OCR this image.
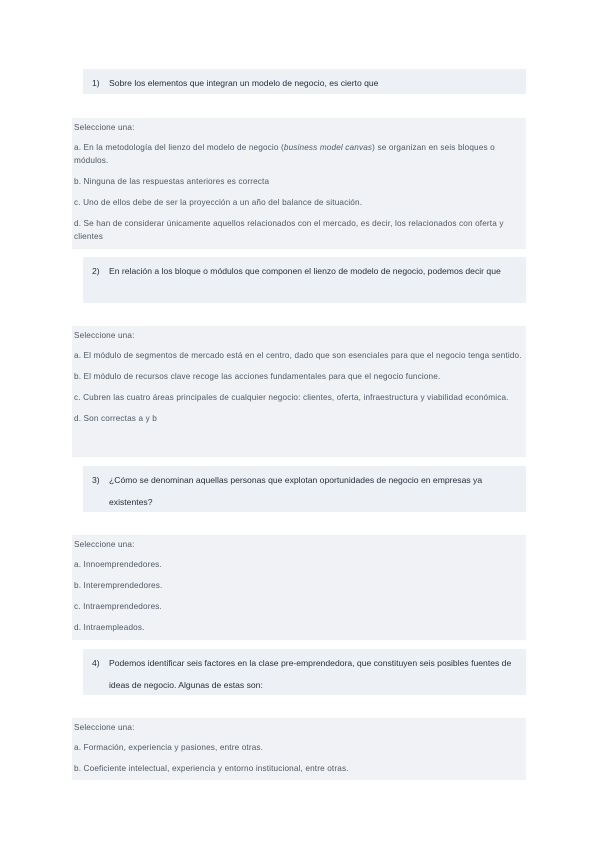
1)	Sobre los elementos que integran un modelo de negocio, es cierto que
Seleccione una:
a. En la metodología del lienzo del modelo de negocio (business model canvas) se organizan en seis bloques o módulos.
b. Ninguna de las respuestas anteriores es correcta
c. Uno de ellos debe de ser la proyección a un año del balance de situación.
d. Se han de considerar únicamente aquellos relacionados con el mercado, es decir, los relacionados con oferta y clientes
2)	En relación a los bloque o módulos que componen el lienzo de modelo de negocio, podemos decir que
Seleccione una:
a. El módulo de segmentos de mercado está en el centro, dado que son esenciales para que el negocio tenga sentido.
b. El módulo de recursos clave recoge las acciones fundamentales para que el negocio funcione.
c. Cubren las cuatro áreas principales de cualquier negocio: clientes, oferta, infraestructura y viabilidad económica.
d. Son correctas a y b
3)	¿Cómo se denominan aquellas personas que explotan oportunidades de negocio en empresas ya existentes?
Seleccione una:
a. Innoemprendedores.
b. Interemprendedores.
c. Intraemprendedores.
d. Intraempleados.
4)	Podemos identificar seis factores en la clase pre-emprendedora, que constituyen seis posibles fuentes de ideas de negocio. Algunas de estas son:
Seleccione una:
a. Formación, experiencia y pasiones, entre otras.
b. Coeficiente intelectual, experiencia y entorno institucional, entre otras.
